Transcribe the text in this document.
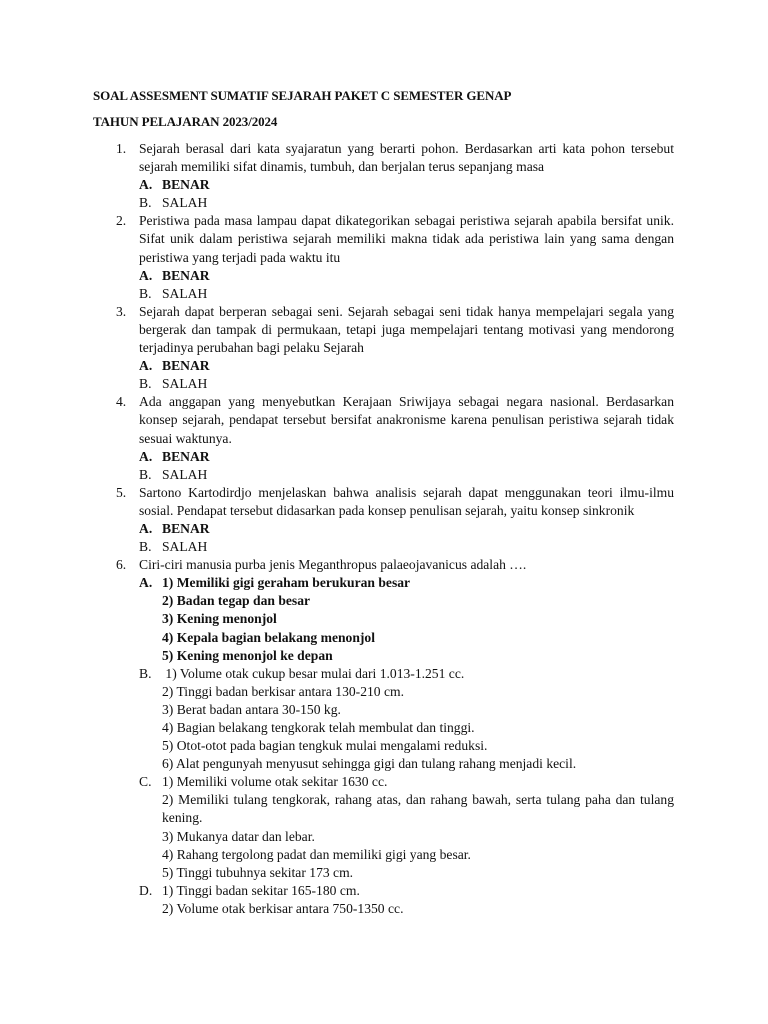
SOAL ASSESMENT SUMATIF SEJARAH PAKET C SEMESTER GENAP
TAHUN PELAJARAN 2023/2024
1. Sejarah berasal dari kata syajaratun yang berarti pohon. Berdasarkan arti kata pohon tersebut sejarah memiliki sifat dinamis, tumbuh, dan berjalan terus sepanjang masa
A. BENAR
B. SALAH
2. Peristiwa pada masa lampau dapat dikategorikan sebagai peristiwa sejarah apabila bersifat unik. Sifat unik dalam peristiwa sejarah memiliki makna tidak ada peristiwa lain yang sama dengan peristiwa yang terjadi pada waktu itu
A. BENAR
B. SALAH
3. Sejarah dapat berperan sebagai seni. Sejarah sebagai seni tidak hanya mempelajari segala yang bergerak dan tampak di permukaan, tetapi juga mempelajari tentang motivasi yang mendorong terjadinya perubahan bagi pelaku Sejarah
A. BENAR
B. SALAH
4. Ada anggapan yang menyebutkan Kerajaan Sriwijaya sebagai negara nasional. Berdasarkan konsep sejarah, pendapat tersebut bersifat anakronisme karena penulisan peristiwa sejarah tidak sesuai waktunya.
A. BENAR
B. SALAH
5. Sartono Kartodirdjo menjelaskan bahwa analisis sejarah dapat menggunakan teori ilmu-ilmu sosial. Pendapat tersebut didasarkan pada konsep penulisan sejarah, yaitu konsep sinkronik
A. BENAR
B. SALAH
6. Ciri-ciri manusia purba jenis Meganthropus palaeojavanicus adalah ….
A. 1) Memiliki gigi geraham berukuran besar
2) Badan tegap dan besar
3) Kening menonjol
4) Kepala bagian belakang menonjol
5) Kening menonjol ke depan
B. 1) Volume otak cukup besar mulai dari 1.013-1.251 cc.
2) Tinggi badan berkisar antara 130-210 cm.
3) Berat badan antara 30-150 kg.
4) Bagian belakang tengkorak telah membulat dan tinggi.
5) Otot-otot pada bagian tengkuk mulai mengalami reduksi.
6) Alat pengunyah menyusut sehingga gigi dan tulang rahang menjadi kecil.
C. 1) Memiliki volume otak sekitar 1630 cc.
2) Memiliki tulang tengkorak, rahang atas, dan rahang bawah, serta tulang paha dan tulang kening.
3) Mukanya datar dan lebar.
4) Rahang tergolong padat dan memiliki gigi yang besar.
5) Tinggi tubuhnya sekitar 173 cm.
D. 1) Tinggi badan sekitar 165-180 cm.
2) Volume otak berkisar antara 750-1350 cc.
